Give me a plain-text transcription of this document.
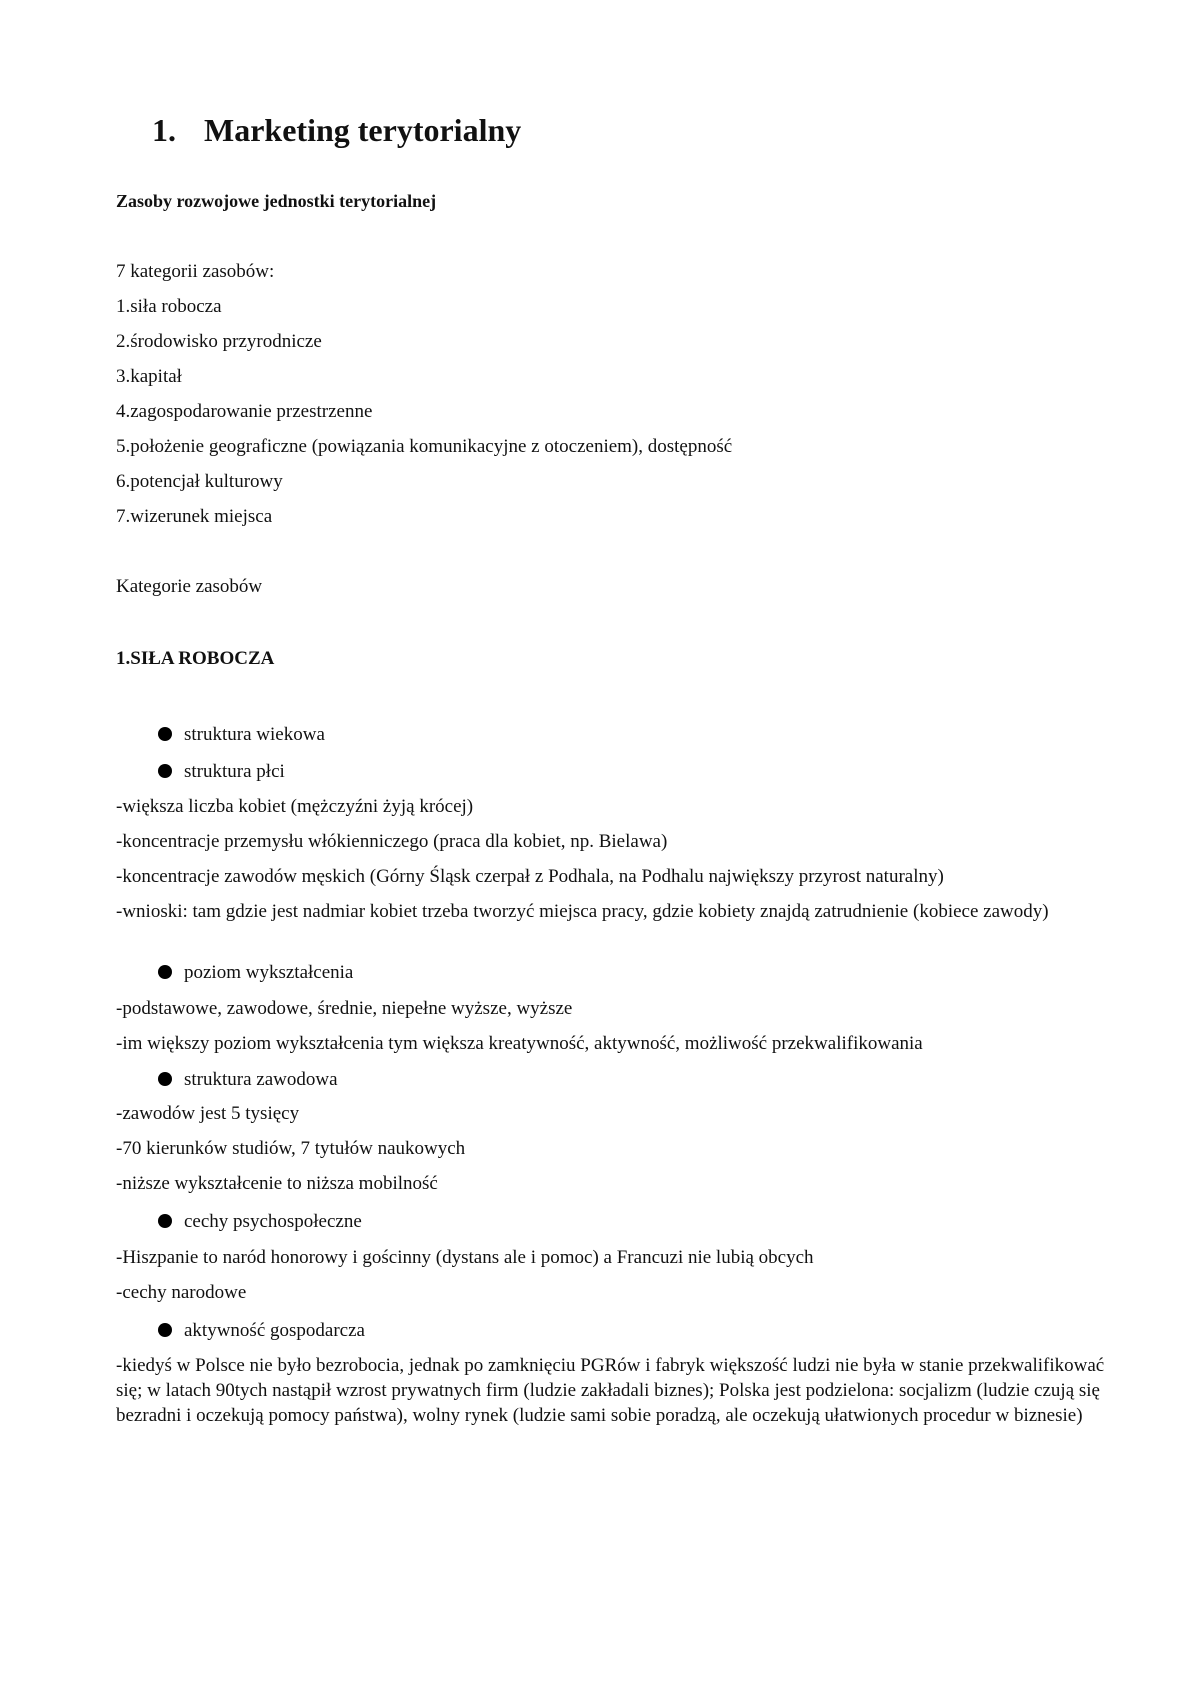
1. Marketing terytorialny

Zasoby rozwojowe jednostki terytorialnej

7 kategorii zasobów:

1.siła robocza

2.środowisko przyrodnicze

3.kapitał

4.zagospodarowanie przestrzenne

5.położenie geograficzne (powiązania komunikacyjne z otoczeniem), dostępność

6.potencjał kulturowy

7.wizerunek miejsca

Kategorie zasobów

1.SIŁA ROBOCZA

struktura wiekowa

struktura płci

-większa liczba kobiet (mężczyźni żyją krócej)

-koncentracje przemysłu włókienniczego (praca dla kobiet, np. Bielawa)

-koncentracje zawodów męskich (Górny Śląsk czerpał z Podhala, na Podhalu największy przyrost naturalny)

-wnioski: tam gdzie jest nadmiar kobiet trzeba tworzyć miejsca pracy, gdzie kobiety znajdą zatrudnienie (kobiece zawody)

poziom wykształcenia

-podstawowe, zawodowe, średnie, niepełne wyższe, wyższe

-im większy poziom wykształcenia tym większa kreatywność, aktywność, możliwość przekwalifikowania

struktura zawodowa

-zawodów jest 5 tysięcy

-70 kierunków studiów, 7 tytułów naukowych

-niższe wykształcenie to niższa mobilność

cechy psychospołeczne

-Hiszpanie to naród honorowy i gościnny (dystans ale i pomoc) a Francuzi nie lubią obcych

-cechy narodowe

aktywność gospodarcza

-kiedyś w Polsce nie było bezrobocia, jednak po zamknięciu PGRów i fabryk większość ludzi nie była w stanie przekwalifikować się; w latach 90tych nastąpił wzrost prywatnych firm (ludzie zakładali biznes); Polska jest podzielona: socjalizm (ludzie czują się bezradni i oczekują pomocy państwa), wolny rynek (ludzie sami sobie poradzą, ale oczekują ułatwionych procedur w biznesie)
